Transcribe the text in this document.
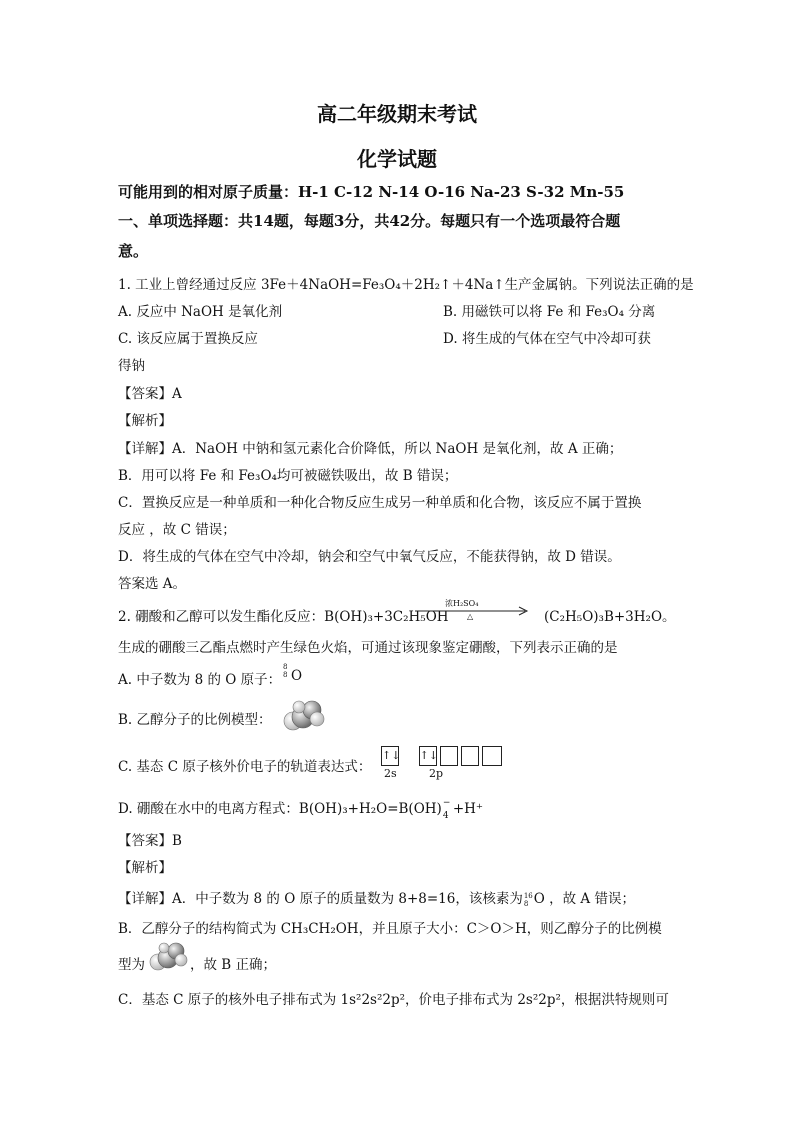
高二年级期末考试
化学试题
可能用到的相对原子质量：H-1 C-12 N-14 O-16 Na-23 S-32 Mn-55
一、单项选择题：共14题，每题3分，共42分。每题只有一个选项最符合题
意。
1. 工业上曾经通过反应 3Fe＋4NaOH=Fe₃O₄＋2H₂↑＋4Na↑生产金属钠。下列说法正确的是
A. 反应中 NaOH 是氧化剂	B. 用磁铁可以将 Fe 和 Fe₃O₄ 分离
C. 该反应属于置换反应	D. 将生成的气体在空气中冷却可获
得钠
【答案】A
【解析】
【详解】A．NaOH 中钠和氢元素化合价降低，所以 NaOH 是氧化剂，故 A 正确；
B．用可以将 Fe 和 Fe₃O₄均可被磁铁吸出，故 B 错误；
C．置换反应是一种单质和一种化合物反应生成另一种单质和化合物，该反应不属于置换
反应 ，故 C 错误；
D．将生成的气体在空气中冷却，钠会和空气中氧气反应，不能获得钠，故 D 错误。
答案选 A。
2. 硼酸和乙醇可以发生酯化反应：B(OH)₃+3C₂H₅OH
浓H₂SO₄
△	(C₂H₅O)₃B+3H₂O。
生成的硼酸三乙酯点燃时产生绿色火焰，可通过该现象鉴定硼酸，下列表示正确的是
A. 中子数为 8 的 O 原子：
8
8 O
B. 乙醇分子的比例模型：
C. 基态 C 原子核外价电子的轨道表达式：
↑↓ ↑↓
2s	2p
D. 硼酸在水中的电离方程式：B(OH)₃+H₂O=B(OH) −
4 +H⁺
【答案】B
【解析】
【详解】A．中子数为 8 的 O 原子的质量数为 8+8=16，该核素为 16
8 O ，故 A 错误；
B．乙醇分子的结构简式为 CH₃CH₂OH，并且原子大小：C＞O＞H，则乙醇分子的比例模
型为	，故 B 正确；
C．基态 C 原子的核外电子排布式为 1s²2s²2p²，价电子排布式为 2s²2p²，根据洪特规则可
